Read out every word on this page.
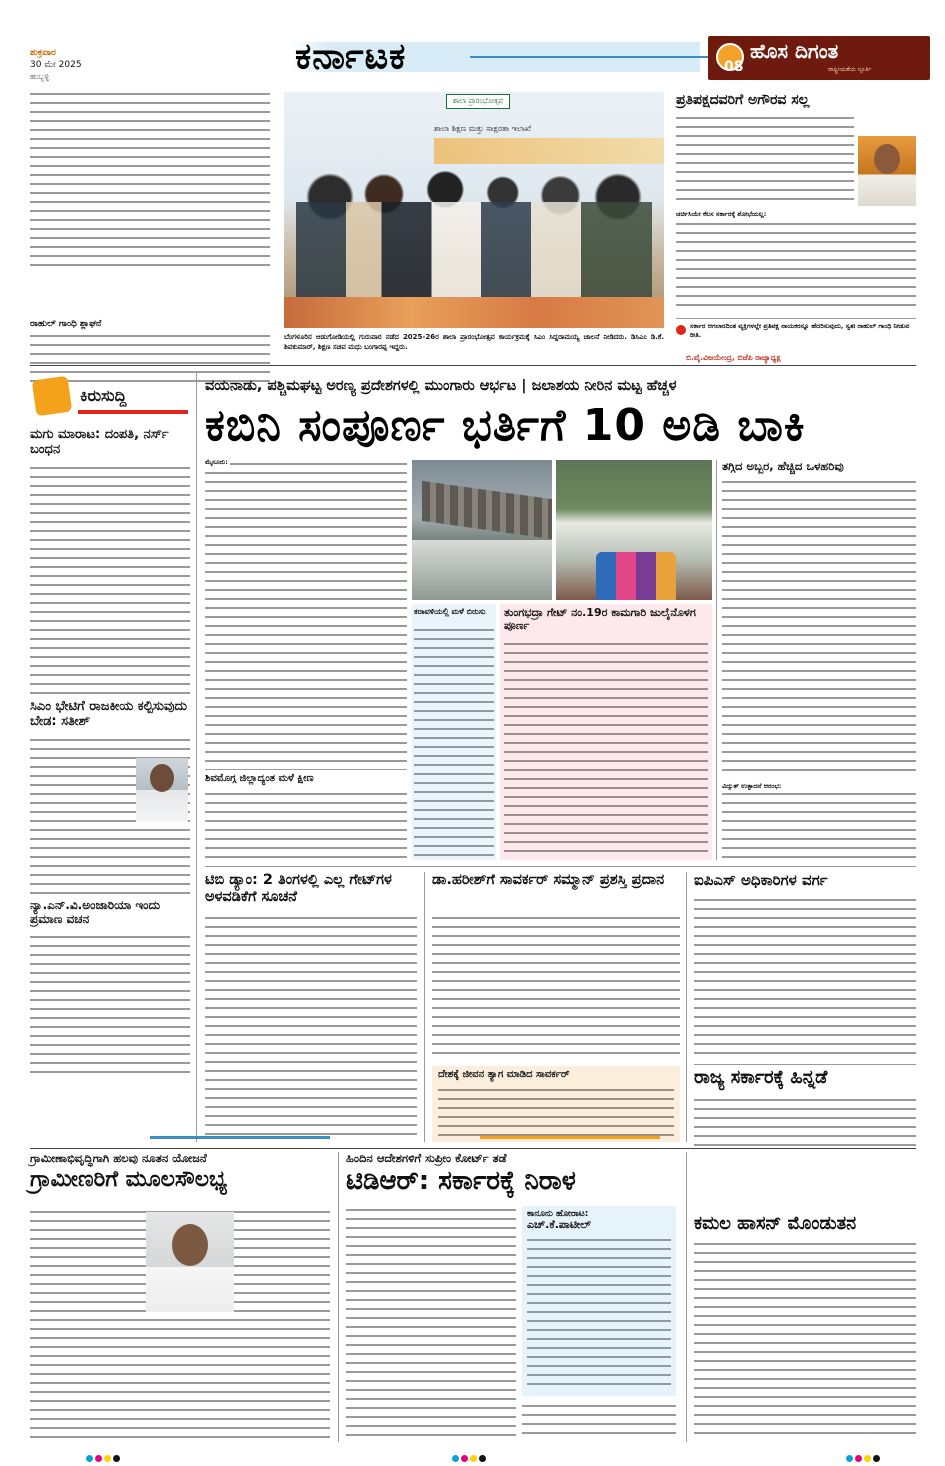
ಶುಕ್ರವಾರ
30 ಮೇ 2025
ಹುಬ್ಬಳ್ಳಿ	ಕರ್ನಾಟಕ	ಹೊಸ ದಿಗಂತ
08	ರಾಷ್ಟ್ರೀಯತೆಯ ಸ್ಫೂರ್ತಿ
ರಾಹುಲ್ ಗಾಂಧಿ ಶ್ಲಾಘನೆ
ಶಾಲಾ ಪ್ರಾರಂಭೋತ್ಸವ
ಶಾಲಾ ಶಿಕ್ಷಣ ಮತ್ತು ಸಾಕ್ಷರತಾ ಇಲಾಖೆ
ಬೆಂಗಳೂರಿನ ಆಡುಗೋಡಿಯಲ್ಲಿ ಗುರುವಾರ ನಡೆದ 2025-26ರ ಶಾಲಾ ಪ್ರಾರಂಭೋತ್ಸವ ಕಾರ್ಯಕ್ರಮಕ್ಕೆ ಸಿಎಂ ಸಿದ್ದರಾಮಯ್ಯ ಚಾಲನೆ ನೀಡಿದರು. ಡಿಸಿಎಂ ಡಿ.ಕೆ. ಶಿವಕುಮಾರ್, ಶಿಕ್ಷಣ ಸಚಿವ ಮಧು ಬಂಗಾರಪ್ಪ ಇದ್ದರು.
ಪ್ರತಿಪಕ್ಷದವರಿಗೆ ಅಗೌರವ ಸಲ್ಲ
ಚರ್ಚಿಸಿಯೇ ಕೆಲಸ ಸರ್ಕಾರಕ್ಕೆ ಶೋಭೆಯಲ್ಲ:
ಸರ್ಕಾರ ಆಗಲಾರದಿಂತ ವ್ಯಕ್ತಿಗಳಲ್ಲೇ ಪ್ರತಿಪಕ್ಷ ನಾಯಕರನ್ನೂ ಹೆದರಿಸುವುದು, ಸ್ವತಃ ರಾಹುಲ್ ಗಾಂಧಿ ನೀಡುವ ರೀತಿ.
ಬಿ.ವೈ.ವಿಜಯೇಂದ್ರ, ಬಿಜೆಪಿ ರಾಜ್ಯಾಧ್ಯಕ್ಷ
ಕಿರುಸುದ್ದಿ
ಮಗು ಮಾರಾಟ: ದಂಪತಿ, ನರ್ಸ್ ಬಂಧನ
ಸಿಎಂ ಭೇಟಿಗೆ ರಾಜಕೀಯ ಕಲ್ಪಿಸುವುದು ಬೇಡ: ಸತೀಶ್
ನ್ಯಾ.ಎನ್.ವಿ.ಅಂಜಾರಿಯಾ ಇಂದು ಪ್ರಮಾಣ ವಚನ
ವಯನಾಡು, ಪಶ್ಚಿಮಘಟ್ಟ ಅರಣ್ಯ ಪ್ರದೇಶಗಳಲ್ಲಿ ಮುಂಗಾರು ಆರ್ಭಟ | ಜಲಾಶಯ ನೀರಿನ ಮಟ್ಟ ಹೆಚ್ಚಳ
ಕಬಿನಿ ಸಂಪೂರ್ಣ ಭರ್ತಿಗೆ 10 ಅಡಿ ಬಾಕಿ
ಮೈಸೂರು:
ಶಿವಮೊಗ್ಗ ಜಿಲ್ಲಾದ್ಯಂತ ಮಳೆ ಕ್ಷೀಣ
ಕರಾವಳಿಯಲ್ಲಿ ಮಳೆ ಬಿರುಸು	ತುಂಗಭದ್ರಾ ಗೇಟ್ ನಂ.19ರ ಕಾಮಗಾರಿ ಜುಲೈನೊಳಗ ಪೂರ್ಣ
ತಗ್ಗಿದ ಅಬ್ಬರ, ಹೆಚ್ಚಿದ ಒಳಹರಿವು
ವಿದ್ಯುತ್ ಉತ್ಪಾದನೆ ಆರಂಭ:
ಟಿಬಿ ಡ್ಯಾಂ: 2 ತಿಂಗಳಲ್ಲಿ ಎಲ್ಲ ಗೇಟ್‌ಗಳ ಅಳವಡಿಕೆಗೆ ಸೂಚನೆ
ಡಾ.ಹರೀಶ್‌ಗೆ ಸಾವರ್ಕರ್ ಸಮ್ಮಾನ್ ಪ್ರಶಸ್ತಿ ಪ್ರದಾನ
ದೇಶಕ್ಕೆ ಜೀವನ ತ್ಯಾಗ ಮಾಡಿದ ಸಾವರ್ಕರ್
ಐಪಿಎಸ್ ಅಧಿಕಾರಿಗಳ ವರ್ಗ
ರಾಜ್ಯ ಸರ್ಕಾರಕ್ಕೆ ಹಿನ್ನಡೆ
ಗ್ರಾಮೀಣಾಭಿವೃದ್ಧಿಗಾಗಿ ಹಲವು ನೂತನ ಯೋಜನೆ
ಗ್ರಾಮೀಣರಿಗೆ ಮೂಲಸೌಲಭ್ಯ
ಹಿಂದಿನ ಆದೇಶಗಳಿಗೆ ಸುಪ್ರೀಂ ಕೋರ್ಟ್ ತಡೆ
ಟಿಡಿಆರ್: ಸರ್ಕಾರಕ್ಕೆ ನಿರಾಳ
ಕಾನೂನು ಹೋರಾಟ:
ಎಚ್.ಕೆ.ಪಾಟೀಲ್	ಕಮಲ ಹಾಸನ್ ಮೊಂಡುತನ
